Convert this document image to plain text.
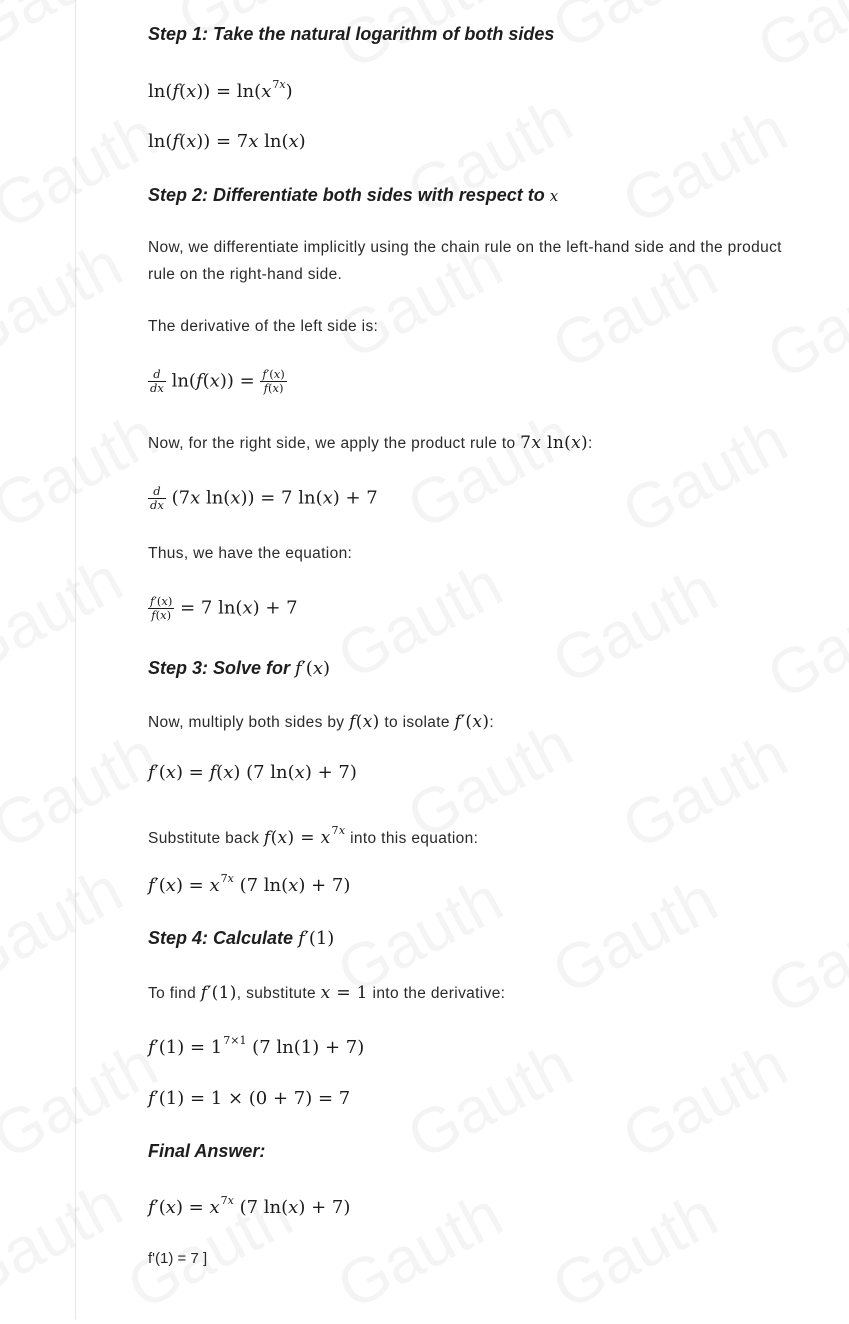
Step 1: Take the natural logarithm of both sides
$\ln(f(x)) = \ln(x^{7x})$
ln(f(x)) = 7x ln(x)
Step 2: Differentiate both sides with respect to x
Now, we differentiate implicitly using the chain rule on the left-hand side and the product rule on the right-hand side.
The derivative of the left side is:
$\frac{d}{dx} \ln(f(x)) = \frac{f'(x)}{f(x)}$
Now, for the right side, we apply the product rule to 7x ln(x):
$\frac{d}{dx} (7x$ ln(x)) = 7 ln(x) + 7
Thus, we have the equation:
$\frac{f'(x)}{f(x)} = 7$ ln(x) + 7
Step 3: Solve for f′(x)
Now, multiply both sides by f(x) to isolate f′(x):
f′(x) = f(x) (7 ln(x) + 7)
Substitute back $f(x) = x^{7x}$ into this equation:
$f'(x) = x^{7x}$ (7 ln(x) + 7)
Step 4: Calculate f′(1)
To find f′(1), substitute x = 1 into the derivative:
$f'(1) = 1^{7\times 1}$ (7 ln(1) + 7)
f′(1) = 1 × (0 + 7) = 7
Final Answer:
$f'(x) = x^{7x}$ (7 ln(x) + 7)
f'(1) = 7 ]
